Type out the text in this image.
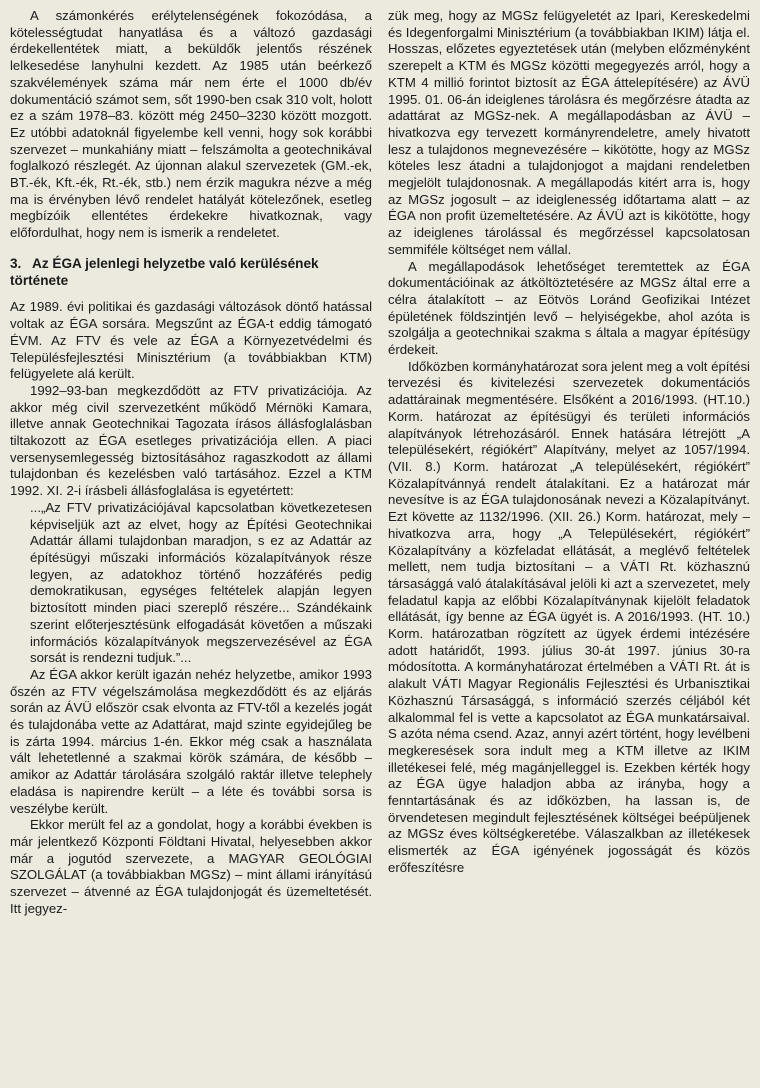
A számonkérés erélytelenségének fokozódása, a kötelességtudat hanyatlása és a változó gazdasági érdekellentétek miatt, a beküldők jelentős részének lelkesedése lanyhulni kezdett. Az 1985 után beérkező szakvélemények száma már nem érte el 1000 db/év dokumentáció számot sem, sőt 1990-ben csak 310 volt, holott ez a szám 1978–83. között még 2450–3230 között mozgott. Ez utóbbi adatoknál figyelembe kell venni, hogy sok korábbi szervezet – munkahiány miatt – felszámolta a geotechnikával foglalkozó részlegét. Az újonnan alakul szervezetek (GM.-ek, BT.-ék, Kft.-ék, Rt.-ék, stb.) nem érzik magukra nézve a még ma is érvényben lévő rendelet hatályát kötelezőnek, esetleg megbízóik ellentétes érdekekre hivatkoznak, vagy előfordulhat, hogy nem is ismerik a rendeletet.

3. Az ÉGA jelenlegi helyzetbe való kerülésének története

Az 1989. évi politikai és gazdasági változások döntő hatással voltak az ÉGA sorsára. Megszűnt az ÉGA-t eddig támogató ÉVM. Az FTV és vele az ÉGA a Környezetvédelmi és Településfejlesztési Minisztérium (a továbbiakban KTM) felügyelete alá került.

1992–93-ban megkezdődött az FTV privatizációja. Az akkor még civil szervezetként működő Mérnöki Kamara, illetve annak Geotechnikai Tagozata írásos állásfoglalásban tiltakozott az ÉGA esetleges privatizációja ellen. A piaci versenysemlegesség biztosításához ragaszkodott az állami tulajdonban és kezelésben való tartásához. Ezzel a KTM 1992. XI. 2-i írásbeli állásfoglalása is egyetértett:

...„Az FTV privatizációjával kapcsolatban következetesen képviseljük azt az elvet, hogy az Építési Geotechnikai Adattár állami tulajdonban maradjon, s ez az Adattár az építésügyi műszaki információs közalapítványok része legyen, az adatokhoz történő hozzáférés pedig demokratikusan, egységes feltételek alapján legyen biztosított minden piaci szereplő részére... Szándékaink szerint előterjesztésünk elfogadását követően a műszaki információs közalapítványok megszervezésével az ÉGA sorsát is rendezni tudjuk.”...

Az ÉGA akkor került igazán nehéz helyzetbe, amikor 1993 őszén az FTV végelszámolása megkezdődött és az eljárás során az ÁVÜ először csak elvonta az FTV-től a kezelés jogát és tulajdonába vette az Adattárat, majd szinte egyidejűleg be is zárta 1994. március 1-én. Ekkor még csak a használata vált lehetetlenné a szakmai körök számára, de később – amikor az Adattár tárolására szolgáló raktár illetve telephely eladása is napirendre került – a léte és további sorsa is veszélybe került.

Ekkor merült fel az a gondolat, hogy a korábbi években is már jelentkező Központi Földtani Hivatal, helyesebben akkor már a jogutód szervezete, a MAGYAR GEOLÓGIAI SZOLGÁLAT (a továbbiakban MGSz) – mint állami irányítású szervezet – átvenné az ÉGA tulajdonjogát és üzemeltetését. Itt jegyez-

zük meg, hogy az MGSz felügyeletét az Ipari, Kereskedelmi és Idegenforgalmi Minisztérium (a továbbiakban IKIM) látja el. Hosszas, előzetes egyeztetések után (melyben előzményként szerepelt a KTM és MGSz közötti megegyezés arról, hogy a KTM 4 millió forintot biztosít az ÉGA áttelepítésére) az ÁVÜ 1995. 01. 06-án ideiglenes tárolásra és megőrzésre átadta az adattárat az MGSz-nek. A megállapodásban az ÁVÜ – hivatkozva egy tervezett kormányrendeletre, amely hivatott lesz a tulajdonos megnevezésére – kikötötte, hogy az MGSz köteles lesz átadni a tulajdonjogot a majdani rendeletben megjelölt tulajdonosnak. A megállapodás kitért arra is, hogy az MGSz jogosult – az ideiglenesség időtartama alatt – az ÉGA non profit üzemeltetésére. Az ÁVÜ azt is kikötötte, hogy az ideiglenes tárolással és megőrzéssel kapcsolatosan semmiféle költséget nem vállal.

A megállapodások lehetőséget teremtettek az ÉGA dokumentációinak az átköltöztetésére az MGSz által erre a célra átalakított – az Eötvös Loránd Geofizikai Intézet épületének földszintjén levő – helyiségekbe, ahol azóta is szolgálja a geotechnikai szakma s általa a magyar építésügy érdekeit.

Időközben kormányhatározat sora jelent meg a volt építési tervezési és kivitelezési szervezetek dokumentációs adattárainak megmentésére. Elsőként a 2016/1993. (HT.10.) Korm. határozat az építésügyi és területi információs alapítványok létrehozásáról. Ennek hatására létrejött „A településekért, régiókért” Alapítvány, melyet az 1057/1994. (VII. 8.) Korm. határozat „A településekért, régiókért” Közalapítvánnyá rendelt átalakítani. Ez a határozat már nevesítve is az ÉGA tulajdonosának nevezi a Közalapítványt. Ezt követte az 1132/1996. (XII. 26.) Korm. határozat, mely – hivatkozva arra, hogy „A Településekért, régiókért” Közalapítvány a közfeladat ellátását, a meglévő feltételek mellett, nem tudja biztosítani – a VÁTI Rt. közhasznú társasággá való átalakításával jelöli ki azt a szervezetet, mely feladatul kapja az előbbi Közalapítványnak kijelölt feladatok ellátását, így benne az ÉGA ügyét is. A 2016/1993. (HT. 10.) Korm. határozatban rögzített az ügyek érdemi intézésére adott határidőt, 1993. július 30-át 1997. június 30-ra módosította. A kormányhatározat értelmében a VÁTI Rt. át is alakult VÁTI Magyar Regionális Fejlesztési és Urbanisztikai Közhasznú Társasággá, s információ szerzés céljából két alkalommal fel is vette a kapcsolatot az ÉGA munkatársaival. S azóta néma csend. Azaz, annyi azért történt, hogy levélbeni megkeresések sora indult meg a KTM illetve az IKIM illetékesei felé, még magánjelleggel is. Ezekben kérték hogy az ÉGA ügye haladjon abba az irányba, hogy a fenntartásának és az időközben, ha lassan is, de örvendetesen megindult fejlesztésének költségei beépüljenek az MGSz éves költségkeretébe. Válaszalkban az illetékesek elismerték az ÉGA igényének jogosságát és közös erőfeszítésre
